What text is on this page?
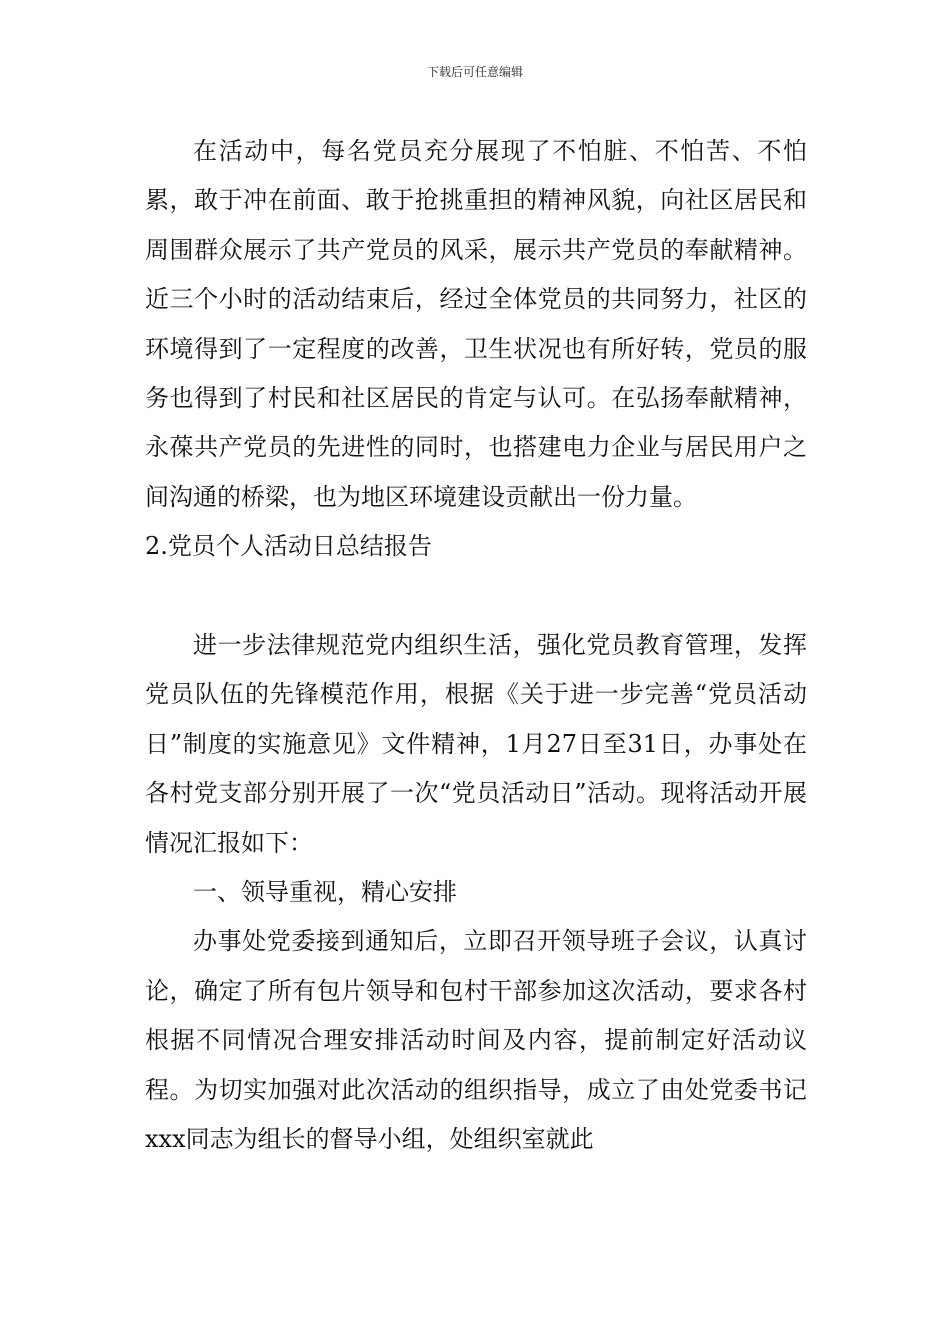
下载后可任意编辑

在活动中，每名党员充分展现了不怕脏、不怕苦、不怕累，敢于冲在前面、敢于抢挑重担的精神风貌，向社区居民和周围群众展示了共产党员的风采，展示共产党员的奉献精神。近三个小时的活动结束后，经过全体党员的共同努力，社区的环境得到了一定程度的改善，卫生状况也有所好转，党员的服务也得到了村民和社区居民的肯定与认可。在弘扬奉献精神，永葆共产党员的先进性的同时，也搭建电力企业与居民用户之间沟通的桥梁，也为地区环境建设贡献出一份力量。

2.党员个人活动日总结报告

进一步法律规范党内组织生活，强化党员教育管理，发挥党员队伍的先锋模范作用，根据《关于进一步完善“党员活动日”制度的实施意见》文件精神，1月27日至31日，办事处在各村党支部分别开展了一次“党员活动日”活动。现将活动开展情况汇报如下：

一、领导重视，精心安排

办事处党委接到通知后，立即召开领导班子会议，认真讨论，确定了所有包片领导和包村干部参加这次活动，要求各村根据不同情况合理安排活动时间及内容，提前制定好活动议程。为切实加强对此次活动的组织指导，成立了由处党委书记xxx同志为组长的督导小组，处组织室就此
